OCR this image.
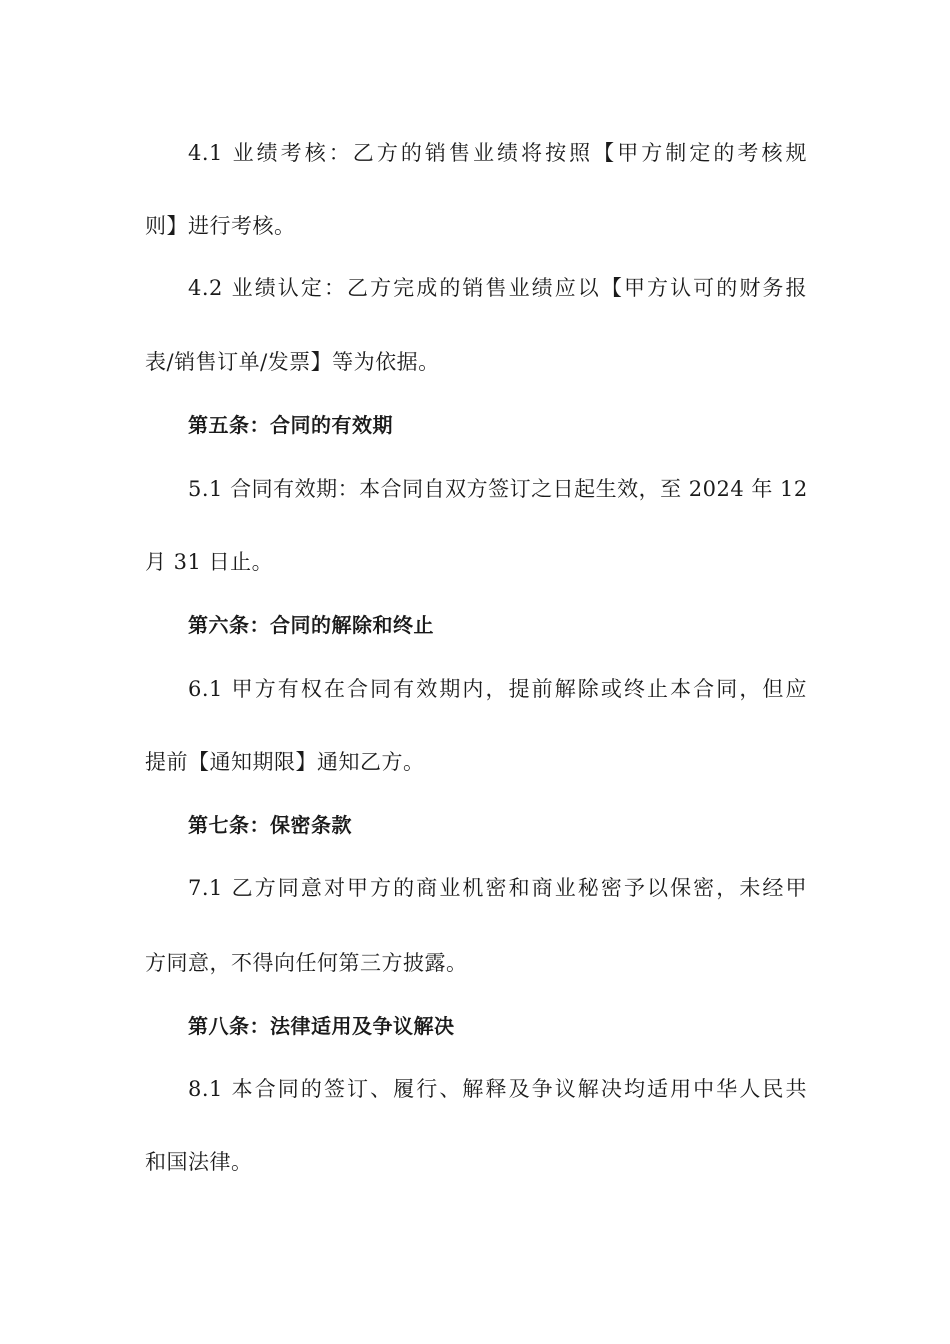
4.1 业绩考核：乙方的销售业绩将按照【甲方制定的考核规
则】进行考核。
4.2 业绩认定：乙方完成的销售业绩应以【甲方认可的财务报
表/销售订单/发票】等为依据。
第五条：合同的有效期
5.1 合同有效期：本合同自双方签订之日起生效，至 2024 年 12
月 31 日止。
第六条：合同的解除和终止
6.1 甲方有权在合同有效期内，提前解除或终止本合同，但应
提前【通知期限】通知乙方。
第七条：保密条款
7.1 乙方同意对甲方的商业机密和商业秘密予以保密，未经甲
方同意，不得向任何第三方披露。
第八条：法律适用及争议解决
8.1 本合同的签订、履行、解释及争议解决均适用中华人民共
和国法律。
